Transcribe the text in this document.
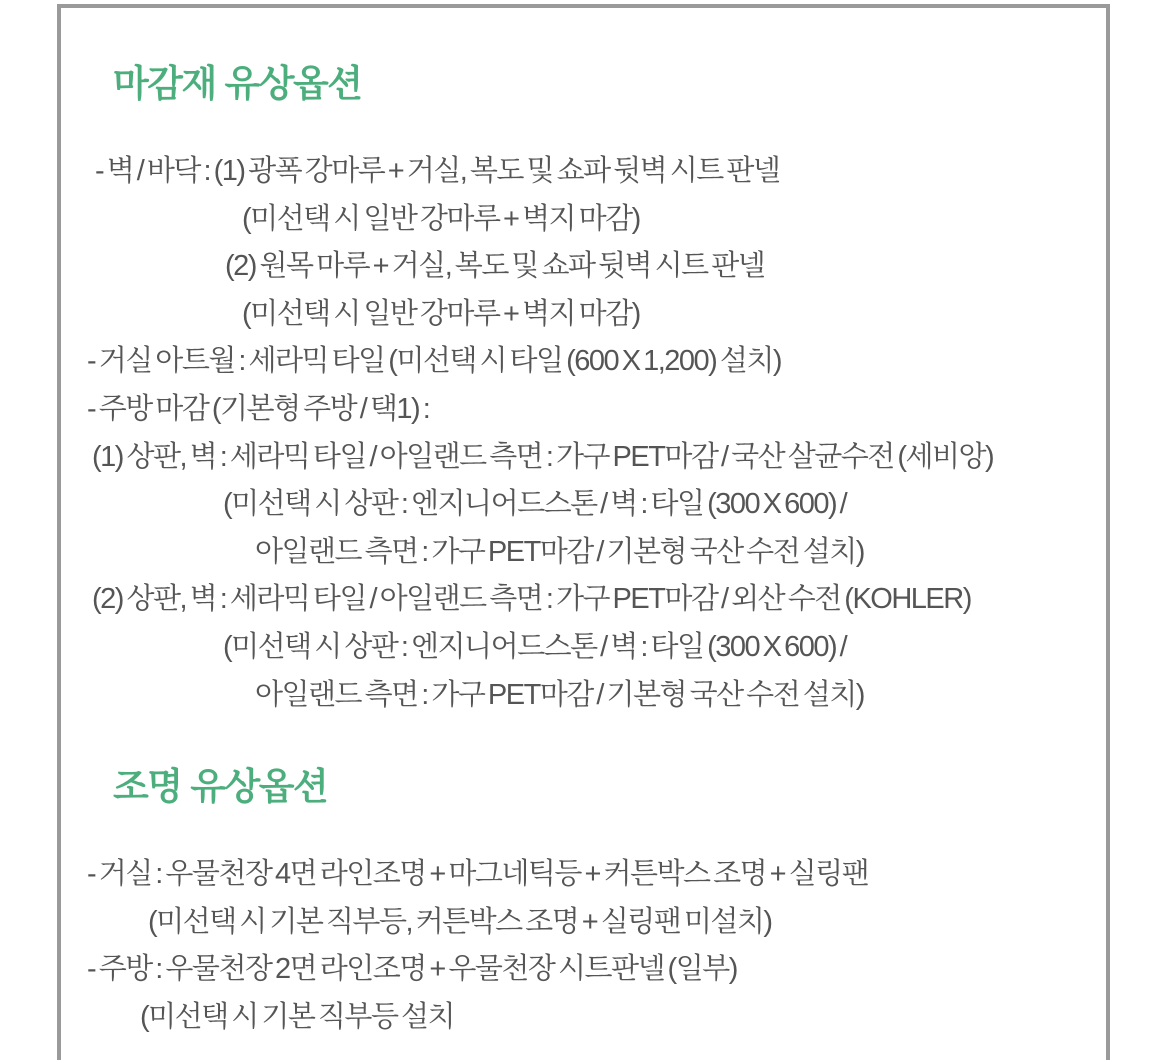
마감재 유상옵션
- 벽 / 바닥 : (1) 광폭 강마루 + 거실, 복도 및 쇼파 뒷벽 시트 판넬
(미선택 시 일반 강마루 + 벽지 마감)
(2) 원목 마루 + 거실, 복도 및 쇼파 뒷벽 시트 판넬
(미선택 시 일반 강마루 + 벽지 마감)
- 거실 아트월 : 세라믹 타일 (미선택 시 타일 (600 X 1,200) 설치)
- 주방 마감 (기본형 주방 / 택1) :
(1) 상판, 벽 : 세라믹 타일 / 아일랜드 측면 : 가구 PET마감 / 국산 살균수전 (세비앙)
(미선택 시 상판 : 엔지니어드스톤 / 벽 : 타일 (300 X 600) /
아일랜드 측면 : 가구 PET마감 / 기본형 국산 수전 설치)
(2) 상판, 벽 : 세라믹 타일 / 아일랜드 측면 : 가구 PET마감 / 외산 수전 (KOHLER)
(미선택 시 상판 : 엔지니어드스톤 / 벽 : 타일 (300 X 600) /
아일랜드 측면 : 가구 PET마감 / 기본형 국산 수전 설치)
조명 유상옵션
- 거실 : 우물천장 4면 라인조명 + 마그네틱등 + 커튼박스 조명 + 실링팬
(미선택 시 기본 직부등, 커튼박스 조명 + 실링팬 미설치)
- 주방 : 우물천장 2면 라인조명 + 우물천장 시트판넬 (일부)
(미선택 시 기본 직부등 설치
